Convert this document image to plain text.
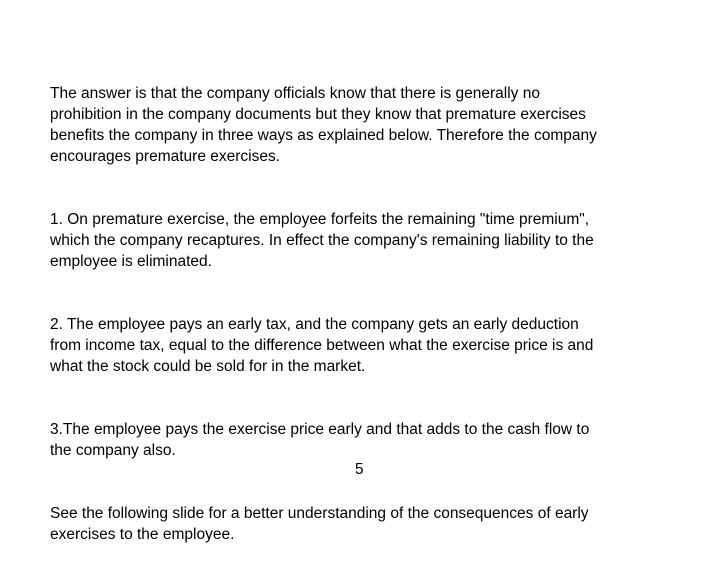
The answer is that the company officials know that there is generally no
prohibition in the company documents but they know that premature exercises
benefits the company in three ways as explained below. Therefore the company
encourages premature exercises.

1. On premature exercise, the employee forfeits the remaining "time premium",
which the company recaptures. In effect the company's remaining liability to the
employee is eliminated.

2. The employee pays an early tax, and the company gets an early deduction
from income tax, equal to the difference between what the exercise price is and
what the stock could be sold for in the market.

3.The employee pays the exercise price early and that adds to the cash flow to
the company also.

See the following slide for a better understanding of the consequences of early
exercises to the employee.

5
